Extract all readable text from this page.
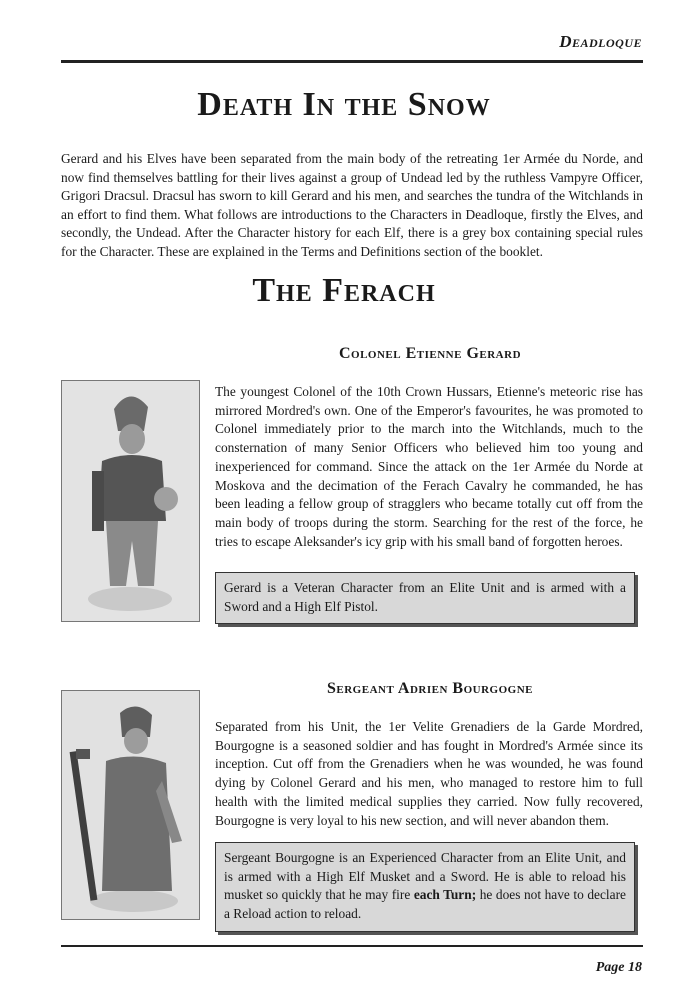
Deadloque
Death In the Snow

Gerard and his Elves have been separated from the main body of the retreating 1er Armée du Norde, and now find themselves battling for their lives against a group of Undead led by the ruthless Vampyre Officer, Grigori Dracsul. Dracsul has sworn to kill Gerard and his men, and searches the tundra of the Witchlands in an effort to find them. What follows are introductions to the Characters in Deadloque, firstly the Elves, and secondly, the Undead. After the Character history for each Elf, there is a grey box containing special rules for the Character. These are explained in the Terms and Definitions section of the booklet.

The Ferach
Colonel Etienne Gerard

The youngest Colonel of the 10th Crown Hussars, Etienne's meteoric rise has mirrored Mordred's own. One of the Emperor's favourites, he was promoted to Colonel immediately prior to the march into the Witchlands, much to the consternation of many Senior Officers who believed him too young and inexperienced for command. Since the attack on the 1er Armée du Norde at Moskova and the decimation of the Ferach Cavalry he commanded, he has been leading a fellow group of stragglers who became totally cut off from the main body of troops during the storm. Searching for the rest of the force, he tries to escape Aleksander's icy grip with his small band of forgotten heroes.

Gerard is a Veteran Character from an Elite Unit and is armed with a Sword and a High Elf Pistol.
Sergeant Adrien Bourgogne

Separated from his Unit, the 1er Velite Grenadiers de la Garde Mordred, Bourgogne is a seasoned soldier and has fought in Mordred's Armée since its inception. Cut off from the Grenadiers when he was wounded, he was found dying by Colonel Gerard and his men, who managed to restore him to full health with the limited medical supplies they carried. Now fully recovered, Bourgogne is very loyal to his new section, and will never abandon them.

Sergeant Bourgogne is an Experienced Character from an Elite Unit, and is armed with a High Elf Musket and a Sword. He is able to reload his musket so quickly that he may fire each Turn; he does not have to declare a Reload action to reload.
Page 18
